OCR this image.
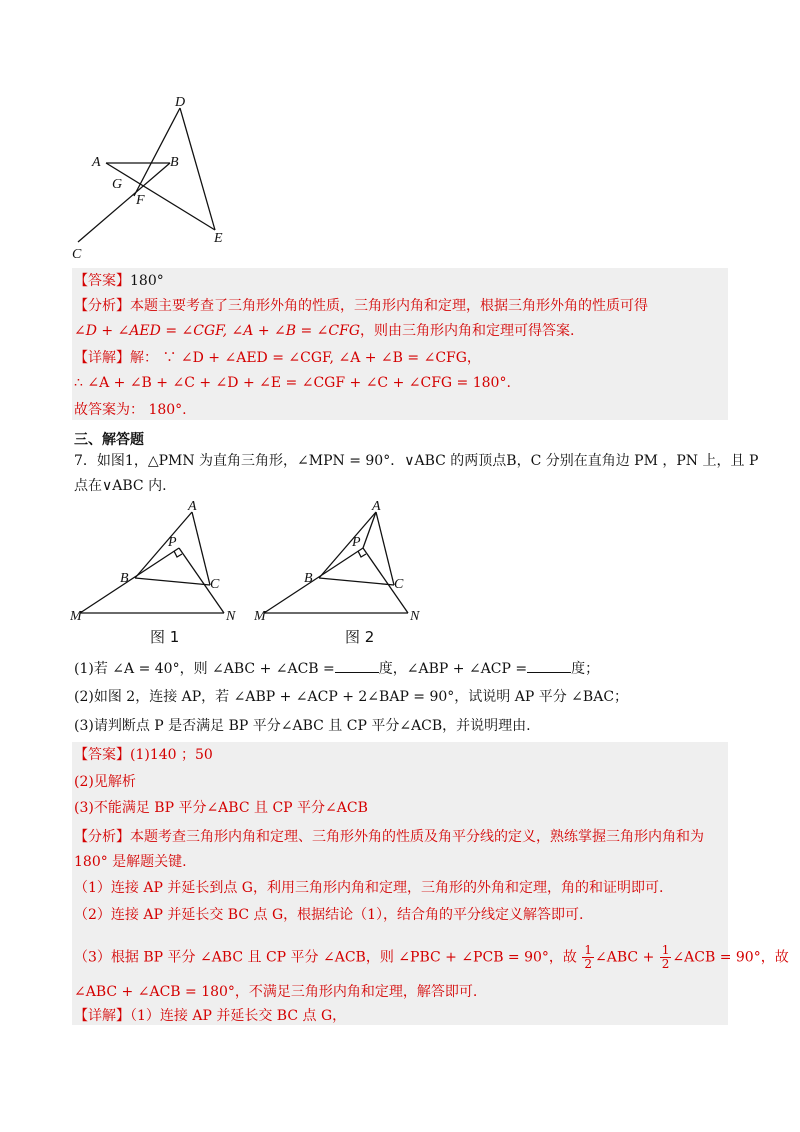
D
A	B
G
F
C
E
【答案】180°
【分析】本题主要考查了三角形外角的性质，三角形内角和定理，根据三角形外角的性质可得
∠D + ∠AED = ∠CGF, ∠A + ∠B = ∠CFG，则由三角形内角和定理可得答案.
【详解】解： ∵ ∠D + ∠AED = ∠CGF, ∠A + ∠B = ∠CFG，
∴ ∠A + ∠B + ∠C + ∠D + ∠E = ∠CGF + ∠C + ∠CFG = 180°.
故答案为： 180°.
三、解答题
7．如图1，△PMN 为直角三角形，∠MPN = 90°．∨ABC 的两顶点B，C 分别在直角边 PM ，PN 上，且 P
点在∨ABC 内.
A
P
B	C
M	N
图 1
A
P
B	C
M	N
图 2
(1)若 ∠A = 40°，则 ∠ABC + ∠ACB =	度，∠ABP + ∠ACP =	度；
(2)如图 2，连接 AP，若 ∠ABP + ∠ACP + 2∠BAP = 90°，试说明 AP 平分 ∠BAC；
(3)请判断点 P 是否满足 BP 平分∠ABC 且 CP 平分∠ACB，并说明理由.
【答案】(1)140 ；50
(2)见解析
(3)不能满足 BP 平分∠ABC 且 CP 平分∠ACB
【分析】本题考查三角形内角和定理、三角形外角的性质及角平分线的定义，熟练掌握三角形内角和为
180° 是解题关键.
（1）连接 AP 并延长到点 G，利用三角形内角和定理，三角形的外角和定理，角的和证明即可.
（2）连接 AP 并延长交 BC 点 G，根据结论（1），结合角的平分线定义解答即可.
（3）根据 BP 平分 ∠ABC 且 CP 平分 ∠ACB，则 ∠PBC + ∠PCB = 90°，故 $\frac{1}{2}$ ∠ABC + $\frac{1}{2}$ ∠ACB = 90°，故
∠ABC + ∠ACB = 180°，不满足三角形内角和定理，解答即可.
【详解】（1）连接 AP 并延长交 BC 点 G，
